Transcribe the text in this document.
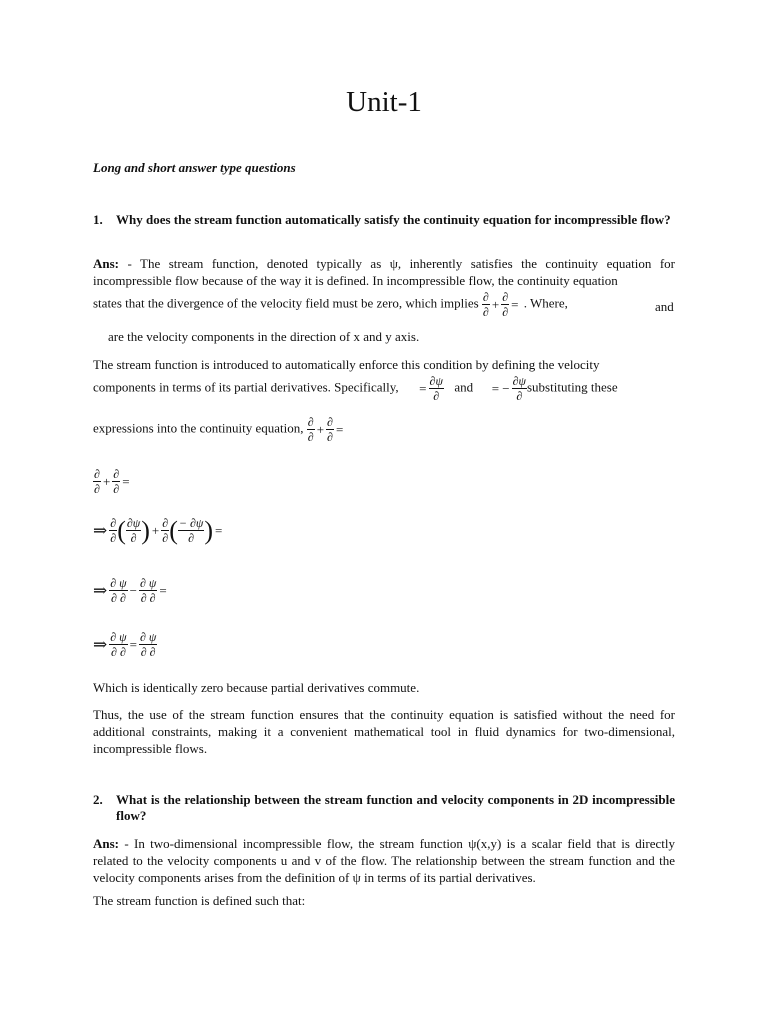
Unit-1
Long and short answer type questions
1. Why does the stream function automatically satisfy the continuity equation for incompressible flow?
Ans: - The stream function, denoted typically as ψ, inherently satisfies the continuity equation for incompressible flow because of the way it is defined. In incompressible flow, the continuity equation
states that the divergence of the velocity field must be zero, which implies $\frac{\partial}{\partial} + \frac{\partial}{\partial}$ = . Where,	and
are the velocity components in the direction of x and y axis.
The stream function is introduced to automatically enforce this condition by defining the velocity
components in terms of its partial derivatives. Specifically, = $\frac{\partial\psi}{\partial}$ and = − $\frac{\partial\psi}{\partial}$ substituting these
expressions into the continuity equation, $\frac{\partial}{\partial} + \frac{\partial}{\partial}$ =
$\frac{\partial}{\partial} + \frac{\partial}{\partial}$ =
⇒ $\frac{\partial}{\partial}$ ( $\frac{\partial\psi}{\partial}$ ) + $\frac{\partial}{\partial}$ ( $\frac{- \partial\psi}{\partial}$ ) =
⇒ $\frac{\partial \psi}{\partial \partial} - \frac{\partial \psi}{\partial \partial}$ =
⇒ $\frac{\partial \psi}{\partial \partial} = \frac{\partial \psi}{\partial \partial}$
Which is identically zero because partial derivatives commute.
Thus, the use of the stream function ensures that the continuity equation is satisfied without the need for additional constraints, making it a convenient mathematical tool in fluid dynamics for two-dimensional, incompressible flows.
2. What is the relationship between the stream function and velocity components in 2D incompressible flow?
Ans: - In two-dimensional incompressible flow, the stream function ψ(x,y) is a scalar field that is directly related to the velocity components u and v of the flow. The relationship between the stream function and the velocity components arises from the definition of ψ in terms of its partial derivatives.
The stream function is defined such that:
